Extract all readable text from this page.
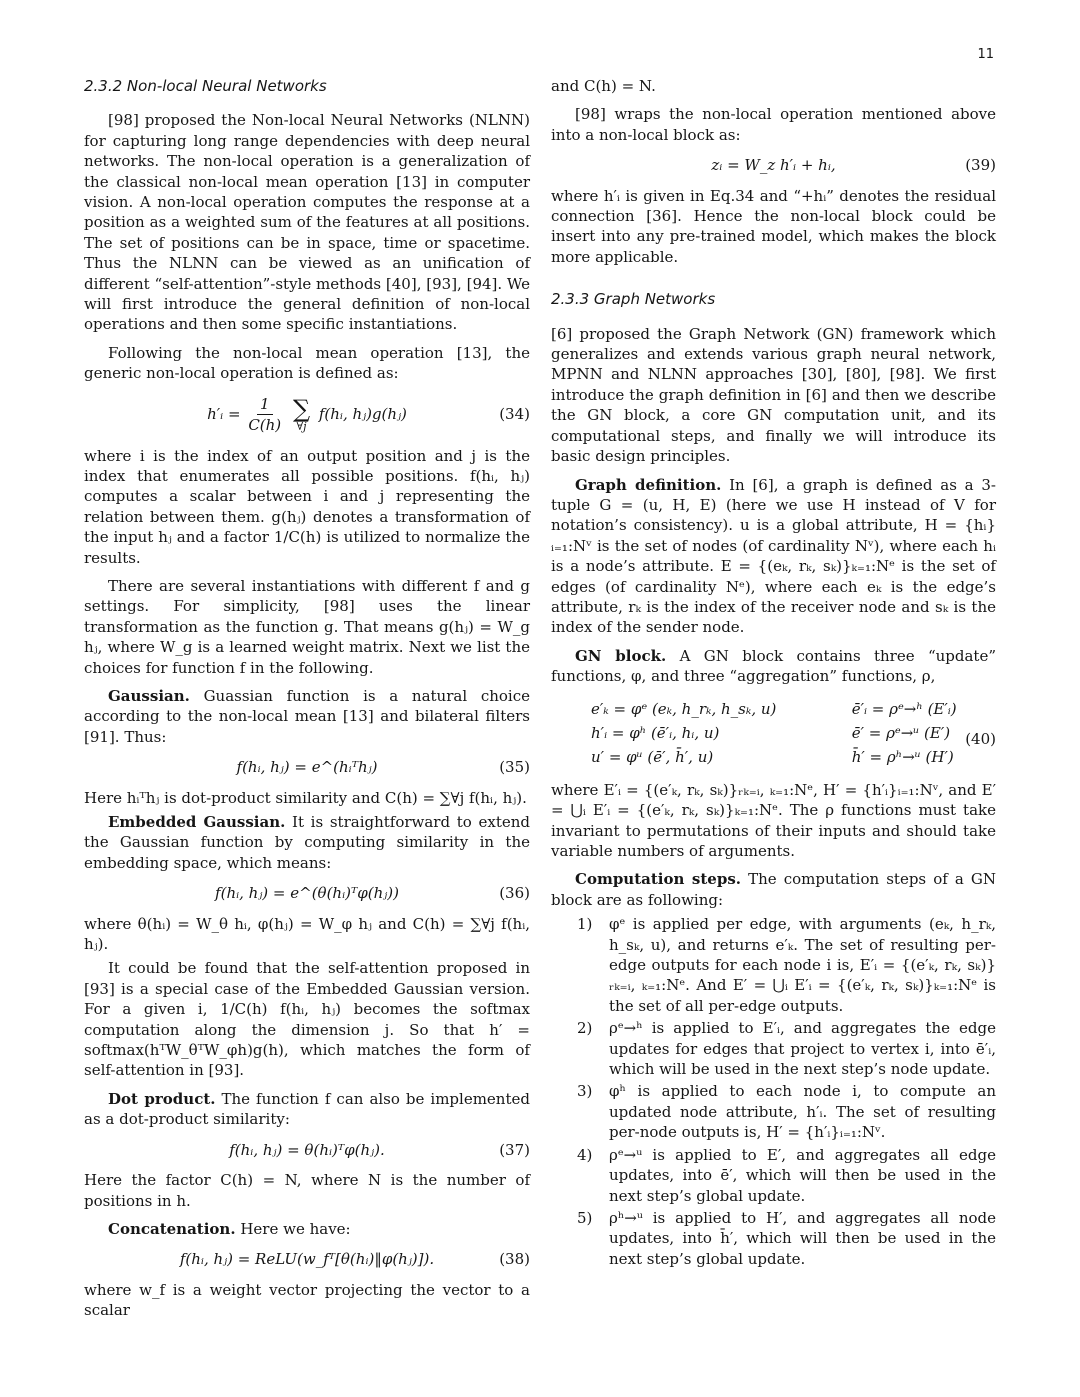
11
2.3.2 Non-local Neural Networks

[98] proposed the Non-local Neural Networks (NLNN) for capturing long range dependencies with deep neural networks. The non-local operation is a generalization of the classical non-local mean operation [13] in computer vision. A non-local operation computes the response at a position as a weighted sum of the features at all positions. The set of positions can be in space, time or spacetime. Thus the NLNN can be viewed as an unification of different “self-attention”-style methods [40], [93], [94]. We will first introduce the general definition of non-local operations and then some specific instantiations.

Following the non-local mean operation [13], the generic non-local operation is defined as:

h′ᵢ = $\frac{1}{C(h)}$
∑
∀j
f(hᵢ, hⱼ)g(hⱼ)	(34)

where i is the index of an output position and j is the index that enumerates all possible positions. f(hᵢ, hⱼ) computes a scalar between i and j representing the relation between them. g(hⱼ) denotes a transformation of the input hⱼ and a factor 1/C(h) is utilized to normalize the results.

There are several instantiations with different f and g settings. For simplicity, [98] uses the linear transformation as the function g. That means g(hⱼ) = W_g hⱼ, where W_g is a learned weight matrix. Next we list the choices for function f in the following.

Gaussian. Guassian function is a natural choice according to the non-local mean [13] and bilateral filters [91]. Thus:

f(hᵢ, hⱼ) = e^(hᵢᵀhⱼ)	(35)

Here hᵢᵀhⱼ is dot-product similarity and C(h) = ∑∀j f(hᵢ, hⱼ).

Embedded Gaussian. It is straightforward to extend the Gaussian function by computing similarity in the embedding space, which means:

f(hᵢ, hⱼ) = e^(θ(hᵢ)ᵀφ(hⱼ))	(36)

where θ(hᵢ) = W_θ hᵢ, φ(hⱼ) = W_φ hⱼ and C(h) = ∑∀j f(hᵢ, hⱼ).

It could be found that the self-attention proposed in [93] is a special case of the Embedded Gaussian version. For a given i, 1/C(h) f(hᵢ, hⱼ) becomes the softmax computation along the dimension j. So that h′ = softmax(hᵀW_θᵀW_φh)g(h), which matches the form of self-attention in [93].

Dot product. The function f can also be implemented as a dot-product similarity:

f(hᵢ, hⱼ) = θ(hᵢ)ᵀφ(hⱼ).	(37)

Here the factor C(h) = N, where N is the number of positions in h.

Concatenation. Here we have:

f(hᵢ, hⱼ) = ReLU(w_fᵀ[θ(hᵢ)‖φ(hⱼ)]).	(38)

where w_f is a weight vector projecting the vector to a scalar

and C(h) = N.

[98] wraps the non-local operation mentioned above into a non-local block as:

zᵢ = W_z h′ᵢ + hᵢ,	(39)

where h′ᵢ is given in Eq.34 and “+hᵢ” denotes the residual connection [36]. Hence the non-local block could be insert into any pre-trained model, which makes the block more applicable.

2.3.3 Graph Networks

[6] proposed the Graph Network (GN) framework which generalizes and extends various graph neural network, MPNN and NLNN approaches [30], [80], [98]. We first introduce the graph definition in [6] and then we describe the GN block, a core GN computation unit, and its computational steps, and finally we will introduce its basic design principles.

Graph definition. In [6], a graph is defined as a 3-tuple G = (u, H, E) (here we use H instead of V for notation’s consistency). u is a global attribute, H = {hᵢ}ᵢ₌₁:Nᵛ is the set of nodes (of cardinality Nᵛ), where each hᵢ is a node’s attribute. E = {(eₖ, rₖ, sₖ)}ₖ₌₁:Nᵉ is the set of edges (of cardinality Nᵉ), where each eₖ is the edge’s attribute, rₖ is the index of the receiver node and sₖ is the index of the sender node.

GN block. A GN block contains three “update” functions, φ, and three “aggregation” functions, ρ,

e′ₖ = φᵉ (eₖ, h_rₖ, h_sₖ, u)	ē′ᵢ = ρᵉ→ʰ (E′ᵢ)
h′ᵢ = φʰ (ē′ᵢ, hᵢ, u)	ē′ = ρᵉ→ᵘ (E′)
u′ = φᵘ (ē′, h̄′, u)	h̄′ = ρʰ→ᵘ (H′)
(40)

where E′ᵢ = {(e′ₖ, rₖ, sₖ)}ᵣₖ₌ᵢ, ₖ₌₁:Nᵉ, H′ = {h′ᵢ}ᵢ₌₁:Nᵛ, and E′ = ⋃ᵢ E′ᵢ = {(e′ₖ, rₖ, sₖ)}ₖ₌₁:Nᵉ. The ρ functions must take invariant to permutations of their inputs and should take variable numbers of arguments.

Computation steps. The computation steps of a GN block are as following:

1)	φᵉ is applied per edge, with arguments (eₖ, h_rₖ, h_sₖ, u), and returns e′ₖ. The set of resulting per-edge outputs for each node i is, E′ᵢ = {(e′ₖ, rₖ, sₖ)}ᵣₖ₌ᵢ, ₖ₌₁:Nᵉ. And E′ = ⋃ᵢ E′ᵢ = {(e′ₖ, rₖ, sₖ)}ₖ₌₁:Nᵉ is the set of all per-edge outputs.
2)	ρᵉ→ʰ is applied to E′ᵢ, and aggregates the edge updates for edges that project to vertex i, into ē′ᵢ, which will be used in the next step’s node update.
3)	φʰ is applied to each node i, to compute an updated node attribute, h′ᵢ. The set of resulting per-node outputs is, H′ = {h′ᵢ}ᵢ₌₁:Nᵛ.
4)	ρᵉ→ᵘ is applied to E′, and aggregates all edge updates, into ē′, which will then be used in the next step’s global update.
5)	ρʰ→ᵘ is applied to H′, and aggregates all node updates, into h̄′, which will then be used in the next step’s global update.
